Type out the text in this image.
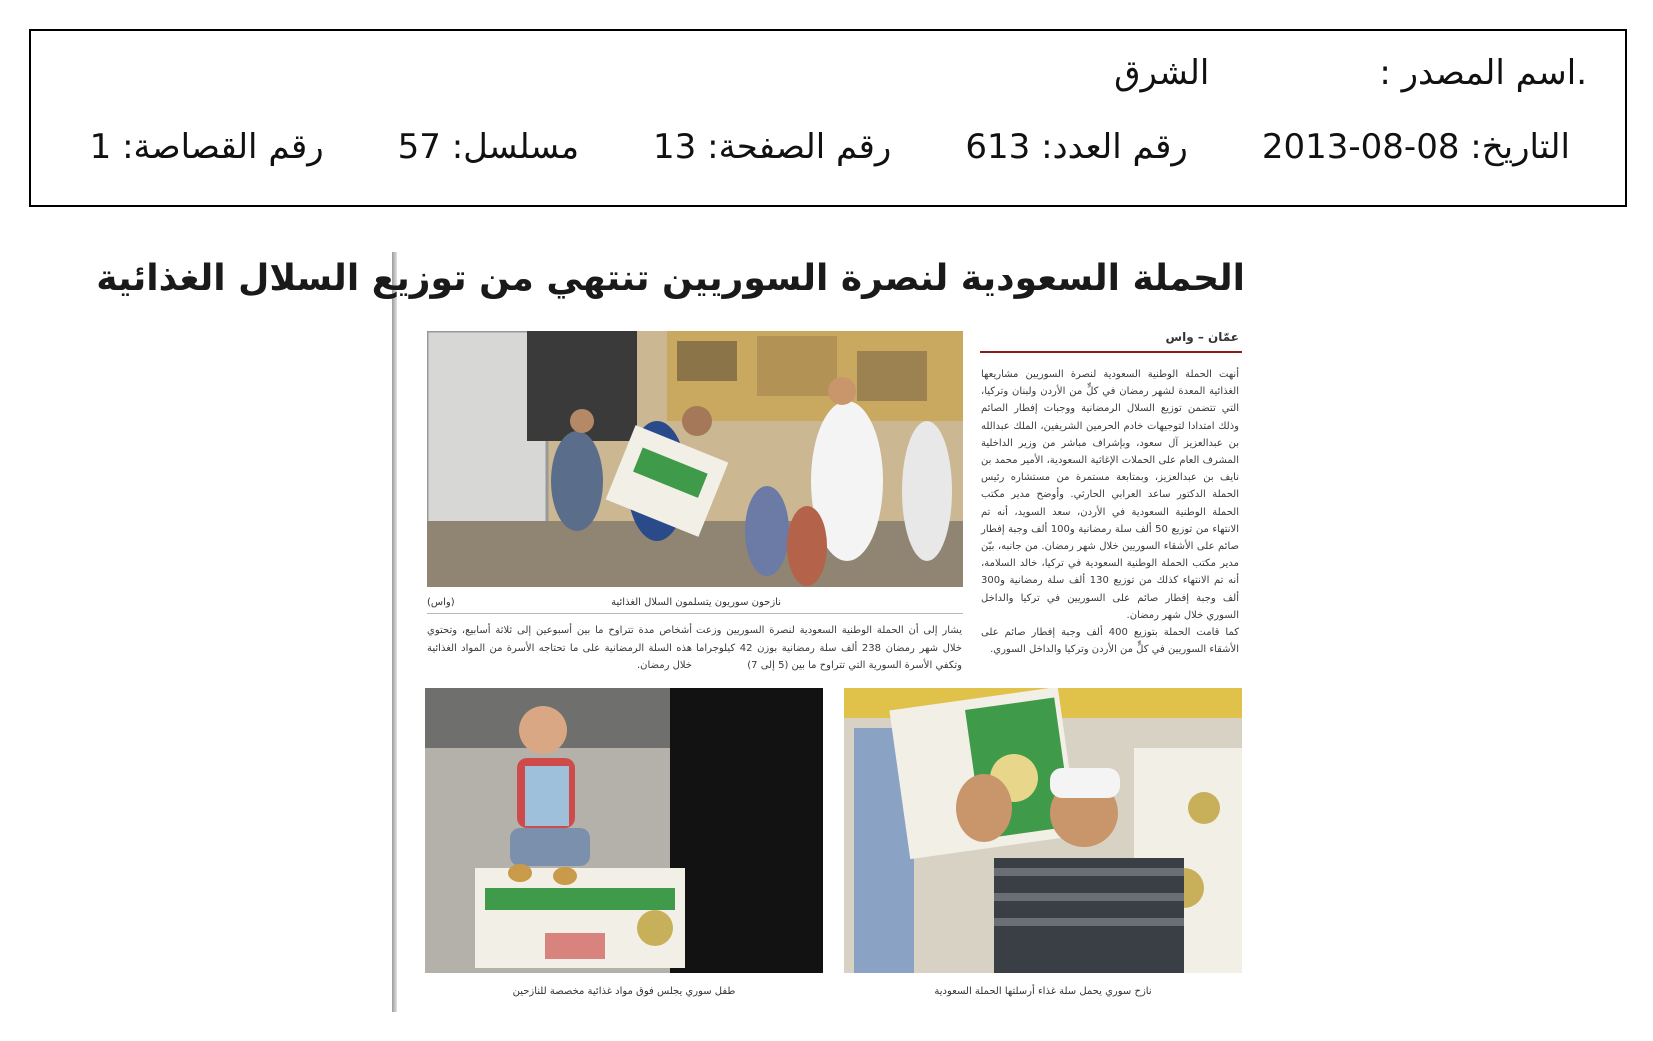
.اسم المصدر :الشرق
التاريخ: 08-08-2013رقم العدد: 613رقم الصفحة: 13مسلسل: 57رقم القصاصة: 1
الحملة السعودية لنصرة السوريين تنتهي من توزيع السلال الغذائية
عمّان – واس

أنهت الحملة الوطنية السعودية لنصرة السوريين مشاريعها الغذائية المعدة لشهر رمضان في كلٍّ من الأردن ولبنان وتركيا، التي تتضمن توزيع السلال الرمضانية ووجبات إفطار الصائم وذلك امتدادا لتوجيهات خادم الحرمين الشريفين، الملك عبدالله بن عبدالعزيز آل سعود، وبإشراف مباشر من وزير الداخلية المشرف العام على الحملات الإغاثية السعودية، الأمير محمد بن نايف بن عبدالعزيز، وبمتابعة مستمرة من مستشاره رئيس الحملة الدكتور ساعد العرابي الحارثي. وأوضح مدير مكتب الحملة الوطنية السعودية في الأردن، سعد السويد، أنه تم الانتهاء من توزيع 50 ألف سلة رمضانية و100 ألف وجبة إفطار صائم على الأشقاء السوريين خلال شهر رمضان. من جانبه، بيّن مدير مكتب الحملة الوطنية السعودية في تركيا، خالد السلامة، أنه تم الانتهاء كذلك من توزيع 130 ألف سلة رمضانية و300 ألف وجبة إفطار صائم على السوريين في تركيا والداخل السوري خلال شهر رمضان.

كما قامت الحملة بتوزيع 400 ألف وجبة إفطار صائم على الأشقاء السوريين في كلٍّ من الأردن وتركيا والداخل السوري.

نازحون سوريون يتسلمون السلال الغذائية
(واس)

يشار إلى أن الحملة الوطنية السعودية لنصرة السوريين وزعت خلال شهر رمضان 238 ألف سلة رمضانية بوزن 42 كيلوجراما وتكفي الأسرة السورية التي تتراوح ما بين (5 إلى 7)

أشخاص مدة تتراوح ما بين أسبوعين إلى ثلاثة أسابيع، وتحتوي هذه السلة الرمضانية على ما تحتاجه الأسرة من المواد الغذائية خلال رمضان.

طفل سوري يجلس فوق مواد غذائية مخصصة للنازحين	نازح سوري يحمل سلة غذاء أرسلتها الحملة السعودية
